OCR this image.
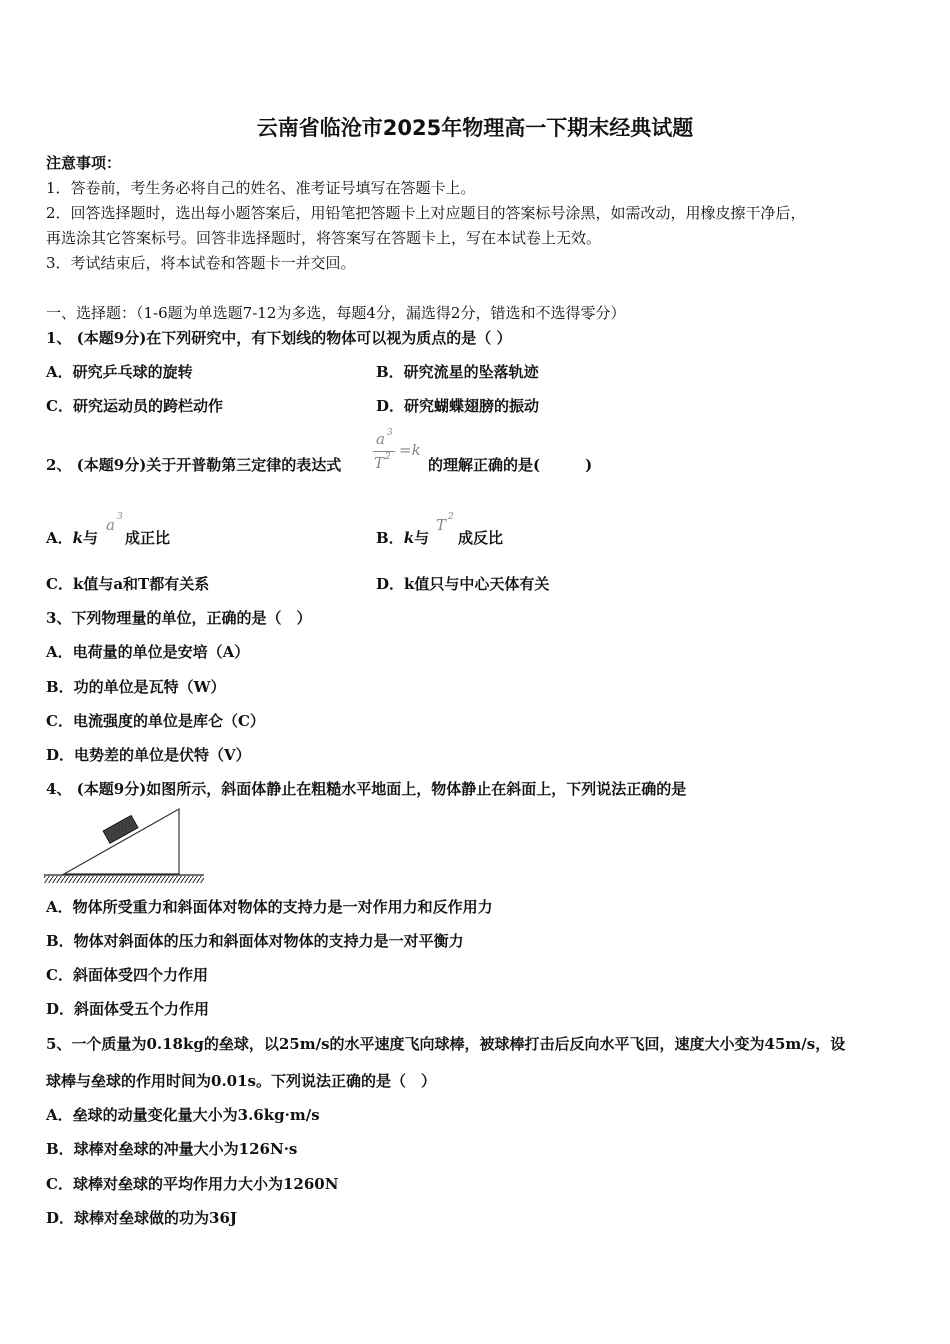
云南省临沧市2025年物理高一下期末经典试题
注意事项：
1．答卷前，考生务必将自己的姓名、准考证号填写在答题卡上。
2．回答选择题时，选出每小题答案后，用铅笔把答题卡上对应题目的答案标号涂黑，如需改动，用橡皮擦干净后，
再选涂其它答案标号。回答非选择题时，将答案写在答题卡上，写在本试卷上无效。
3．考试结束后，将本试卷和答题卡一并交回。
一、选择题：（1-6题为单选题7-12为多选，每题4分，漏选得2分，错选和不选得零分）
1、 (本题9分)在下列研究中，有下划线的物体可以视为质点的是（ ）
A．研究乒乓球的旋转	B．研究流星的坠落轨迹
C．研究运动员的跨栏动作	D．研究蝴蝶翅膀的振动
2、 (本题9分)关于开普勒第三定律的表达式
a 3
T 2 =k
的理解正确的是(　　　)
A．k与
a 3
成正比	B．k与
T 2
成反比
C．k值与a和T都有关系	D．k值只与中心天体有关
3、下列物理量的单位，正确的是（　）
A．电荷量的单位是安培（A）
B．功的单位是瓦特（W）
C．电流强度的单位是库仑（C）
D．电势差的单位是伏特（V）
4、 (本题9分)如图所示，斜面体静止在粗糙水平地面上，物体静止在斜面上，下列说法正确的是
A．物体所受重力和斜面体对物体的支持力是一对作用力和反作用力
B．物体对斜面体的压力和斜面体对物体的支持力是一对平衡力
C．斜面体受四个力作用
D．斜面体受五个力作用
5、一个质量为0.18kg的垒球，以25m/s的水平速度飞向球棒，被球棒打击后反向水平飞回，速度大小变为45m/s，设
球棒与垒球的作用时间为0.01s。下列说法正确的是（　）
A．垒球的动量变化量大小为3.6kg·m/s
B．球棒对垒球的冲量大小为126N·s
C．球棒对垒球的平均作用力大小为1260N
D．球棒对垒球做的功为36J
